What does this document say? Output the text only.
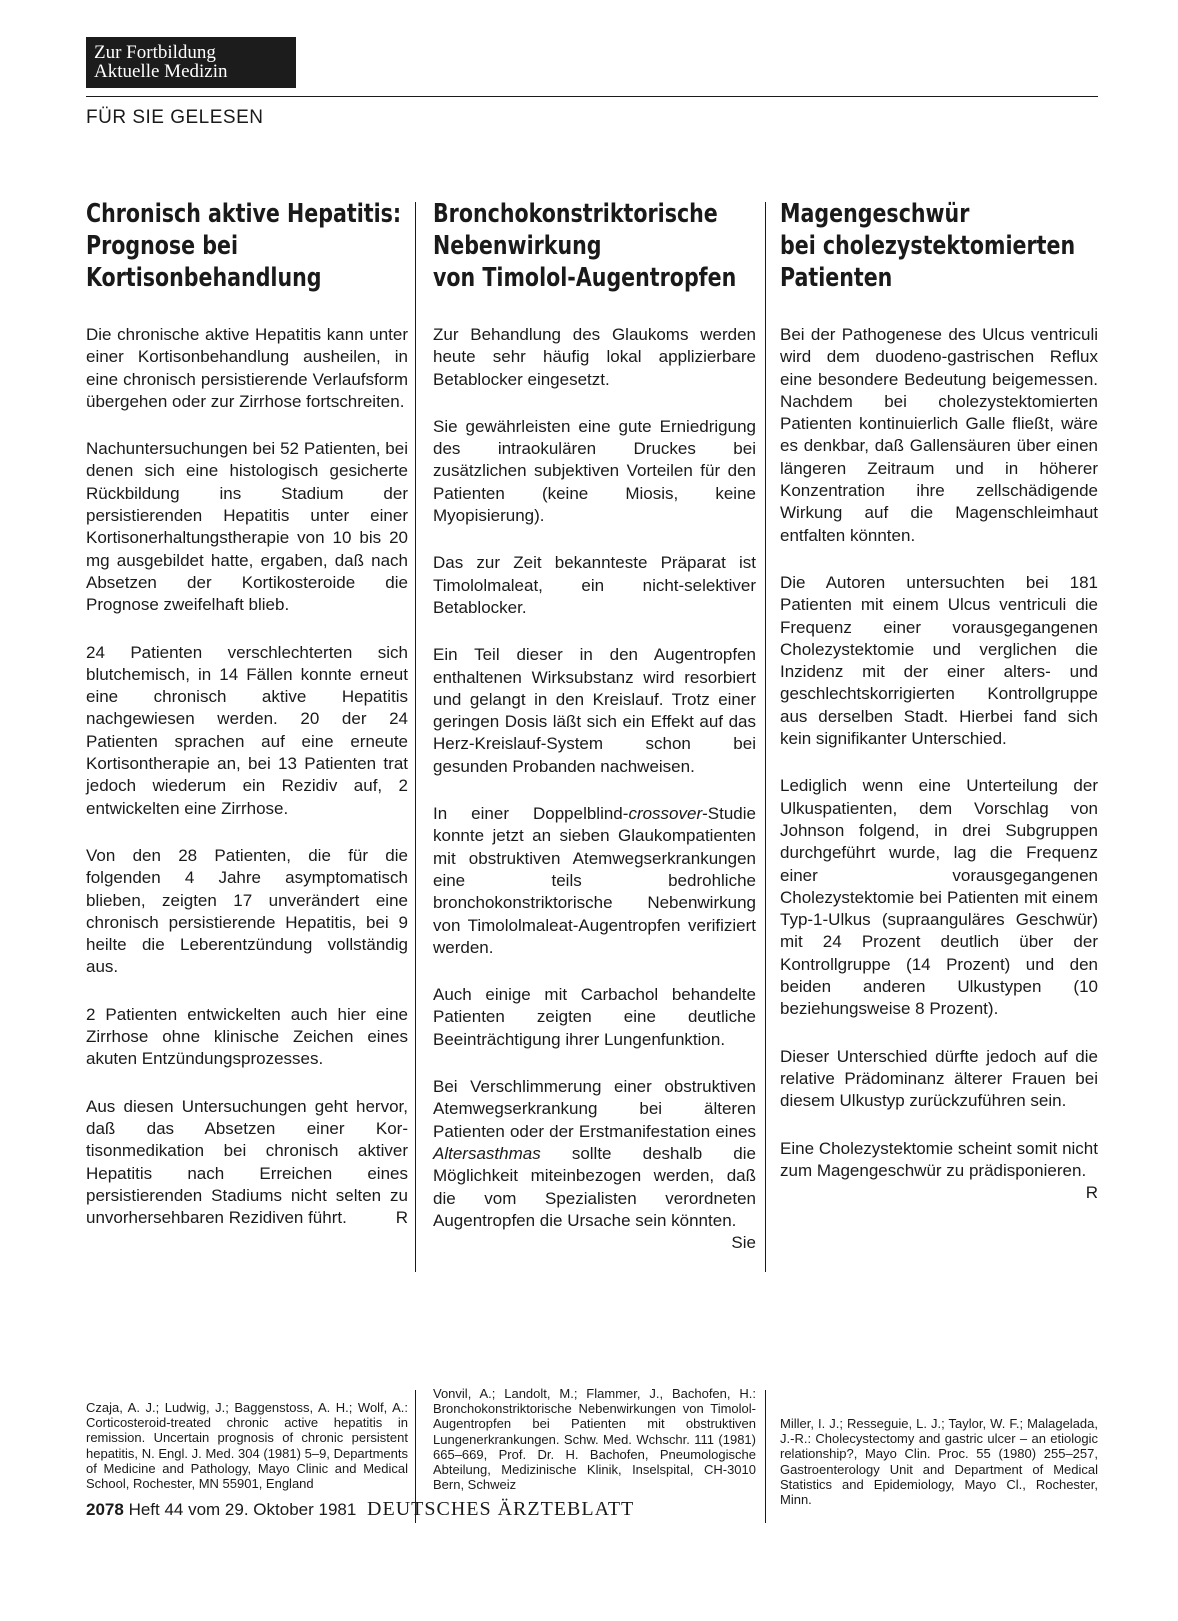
Zur Fortbildung
Aktuelle Medizin
FÜR SIE GELESEN
Chronisch aktive Hepatitis:
Prognose bei
Kortisonbehandlung

Die chronische aktive Hepatitis kann unter einer Kortisonbehandlung ausheilen, in eine chronisch persistierende Verlaufsform übergehen oder zur Zirrhose fortschreiten.

Nachuntersuchungen bei 52 Patienten, bei denen sich eine histologisch gesicherte Rückbildung ins Stadium der persistierenden Hepatitis unter einer Kortisonerhaltungstherapie von 10 bis 20 mg ausgebildet hatte, ergaben, daß nach Absetzen der Kortikosteroide die Prognose zweifelhaft blieb.

24 Patienten verschlechterten sich blutchemisch, in 14 Fällen konnte erneut eine chronisch aktive Hepatitis nachgewiesen werden. 20 der 24 Patienten sprachen auf eine erneute Kortisontherapie an, bei 13 Patienten trat jedoch wiederum ein Rezidiv auf, 2 entwickelten eine Zirrhose.

Von den 28 Patienten, die für die folgenden 4 Jahre asymptomatisch blieben, zeigten 17 unverändert eine chronisch persistierende Hepatitis, bei 9 heilte die Leberentzündung vollständig aus.

2 Patienten entwickelten auch hier eine Zirrhose ohne klinische Zeichen eines akuten Entzündungsprozesses.

Aus diesen Untersuchungen geht hervor, daß das Absetzen einer Kortisonmedikation bei chronisch aktiver Hepatitis nach Erreichen eines persistierenden Stadiums nicht selten zu unvorhersehbaren Rezidiven führt.	R

Bronchokonstriktorische
Nebenwirkung
von Timolol-Augentropfen

Zur Behandlung des Glaukoms werden heute sehr häufig lokal applizierbare Betablocker eingesetzt.

Sie gewährleisten eine gute Erniedrigung des intraokulären Druckes bei zusätzlichen subjektiven Vorteilen für den Patienten (keine Miosis, keine Myopisierung).

Das zur Zeit bekannteste Präparat ist Timololmaleat, ein nicht-selektiver Betablocker.

Ein Teil dieser in den Augentropfen enthaltenen Wirksubstanz wird resorbiert und gelangt in den Kreislauf. Trotz einer geringen Dosis läßt sich ein Effekt auf das Herz-Kreislauf-System schon bei gesunden Probanden nachweisen.

In einer Doppelblind-crossover-Studie konnte jetzt an sieben Glaukompatienten mit obstruktiven Atemwegserkrankungen eine teils bedrohliche bronchokonstriktorische Nebenwirkung von Timololmaleat-Augentropfen verifiziert werden.

Auch einige mit Carbachol behandelte Patienten zeigten eine deutliche Beeinträchtigung ihrer Lungenfunktion.

Bei Verschlimmerung einer obstruktiven Atemwegserkrankung bei älteren Patienten oder der Erstmanifestation eines Altersasthmas sollte deshalb die Möglichkeit miteinbezogen werden, daß die vom Spezialisten verordneten Augentropfen die Ursache sein könnten.
Sie

Magengeschwür
bei cholezystektomierten
Patienten

Bei der Pathogenese des Ulcus ventriculi wird dem duodeno-gastrischen Reflux eine besondere Bedeutung beigemessen. Nachdem bei cholezystektomierten Patienten kontinuierlich Galle fließt, wäre es denkbar, daß Gallensäuren über einen längeren Zeitraum und in höherer Konzentration ihre zellschädigende Wirkung auf die Magenschleimhaut entfalten könnten.

Die Autoren untersuchten bei 181 Patienten mit einem Ulcus ventriculi die Frequenz einer vorausgegangenen Cholezystektomie und verglichen die Inzidenz mit der einer alters- und geschlechtskorrigierten Kontrollgruppe aus derselben Stadt. Hierbei fand sich kein signifikanter Unterschied.

Lediglich wenn eine Unterteilung der Ulkuspatienten, dem Vorschlag von Johnson folgend, in drei Subgruppen durchgeführt wurde, lag die Frequenz einer vorausgegangenen Cholezystektomie bei Patienten mit einem Typ-1-Ulkus (supraanguläres Geschwür) mit 24 Prozent deutlich über der Kontrollgruppe (14 Prozent) und den beiden anderen Ulkustypen (10 beziehungsweise 8 Prozent).

Dieser Unterschied dürfte jedoch auf die relative Prädominanz älterer Frauen bei diesem Ulkustyp zurückzuführen sein.

Eine Cholezystektomie scheint somit nicht zum Magengeschwür zu prädisponieren.
R

Czaja, A. J.; Ludwig, J.; Baggenstoss, A. H.; Wolf, A.: Corticosteroid-treated chronic active hepatitis in remission. Uncertain prognosis of chronic persistent hepatitis, N. Engl. J. Med. 304 (1981) 5–9, Departments of Medicine and Pathology, Mayo Clinic and Medical School, Rochester, MN 55901, England
Vonvil, A.; Landolt, M.; Flammer, J., Bachofen, H.: Bronchokonstriktorische Nebenwirkungen von Timolol-Augentropfen bei Patienten mit obstruktiven Lungenerkrankungen. Schw. Med. Wchschr. 111 (1981) 665–669, Prof. Dr. H. Bachofen, Pneumologische Abteilung, Medizinische Klinik, Inselspital, CH-3010 Bern, Schweiz
Miller, I. J.; Resseguie, L. J.; Taylor, W. F.; Malagelada, J.-R.: Cholecystectomy and gastric ulcer – an etiologic relationship?, Mayo Clin. Proc. 55 (1980) 255–257, Gastroenterology Unit and Department of Medical Statistics and Epidemiology, Mayo Cl., Rochester, Minn.
2078 Heft 44 vom 29. Oktober 1981 DEUTSCHES ÄRZTEBLATT
